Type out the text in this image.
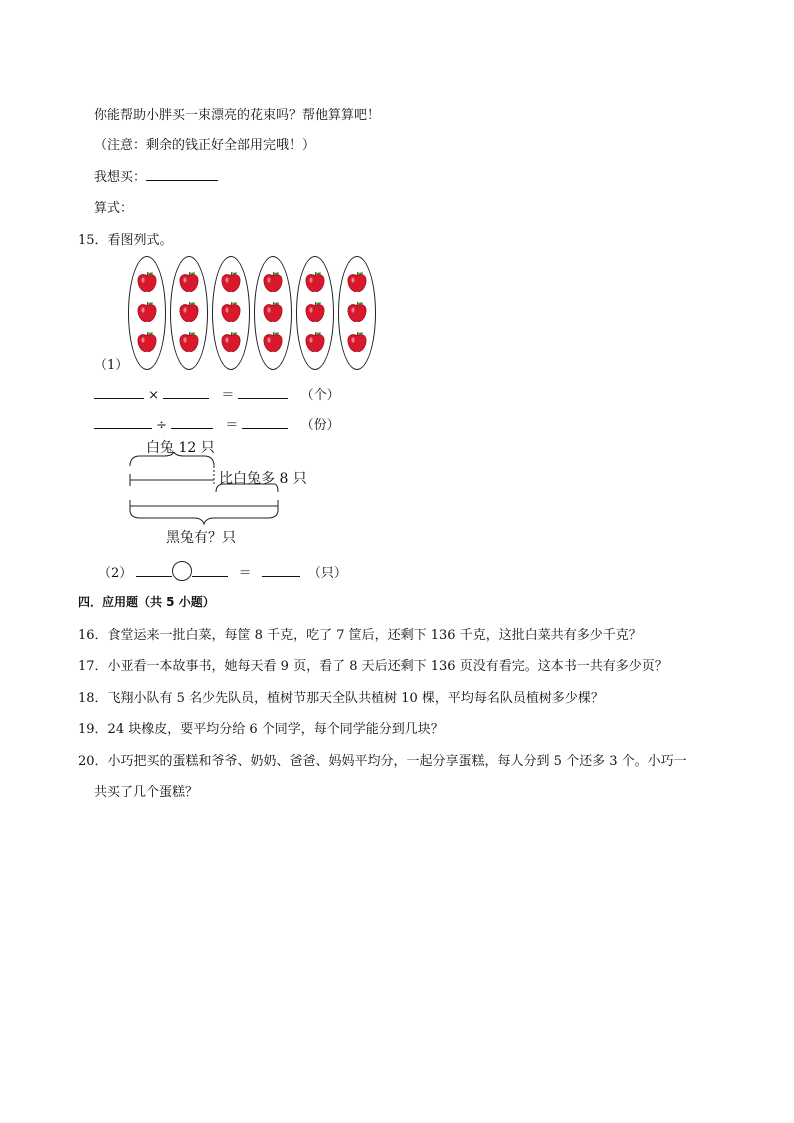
你能帮助小胖买一束漂亮的花束吗？帮他算算吧！
（注意：剩余的钱正好全部用完哦！）
我想买：
算式：
15．看图列式。
（1）
×	＝	（个）
÷	＝	（份）
白兔 12 只
比白兔多 8 只
黑兔有？只
（2）	＝	（只）
四．应用题（共 5 小题）
16．食堂运来一批白菜，每筐 8 千克，吃了 7 筐后，还剩下 136 千克，这批白菜共有多少千克？
17．小亚看一本故事书，她每天看 9 页，看了 8 天后还剩下 136 页没有看完。这本书一共有多少页？
18．飞翔小队有 5 名少先队员，植树节那天全队共植树 10 棵，平均每名队员植树多少棵？
19．24 块橡皮，要平均分给 6 个同学，每个同学能分到几块？
20．小巧把买的蛋糕和爷爷、奶奶、爸爸、妈妈平均分，一起分享蛋糕，每人分到 5 个还多 3 个。小巧一
共买了几个蛋糕？
